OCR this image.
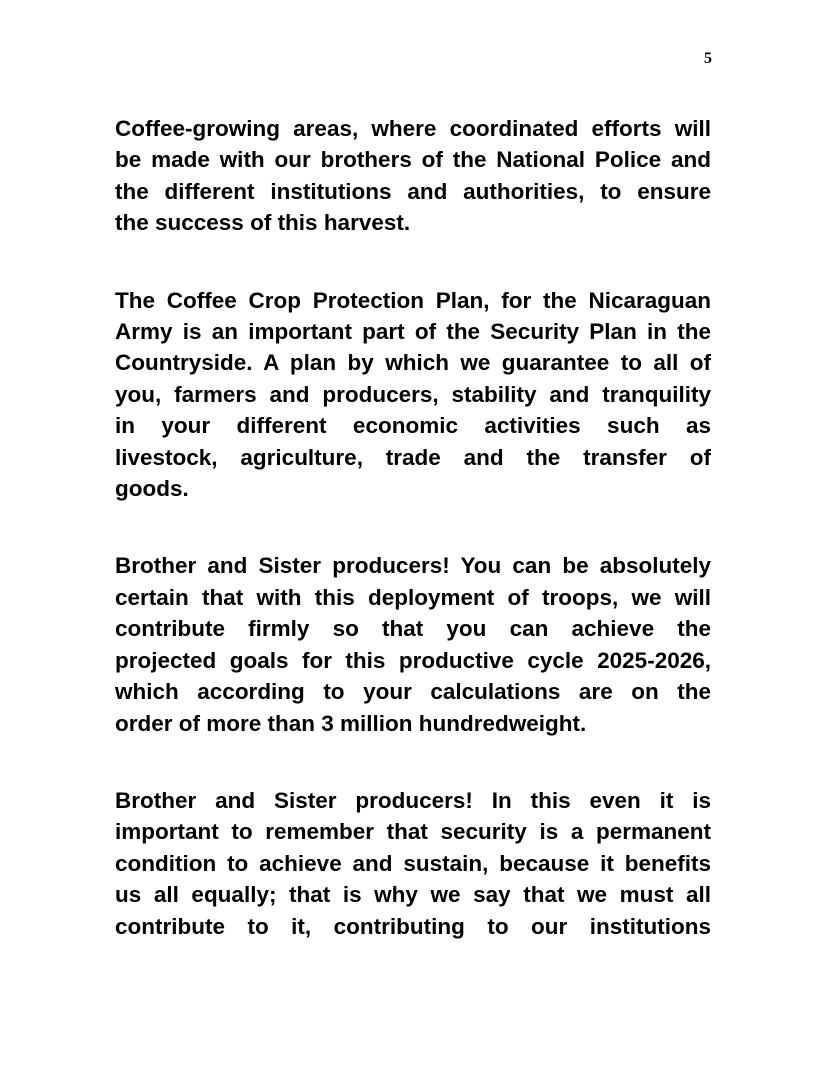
5
Coffee-growing areas, where coordinated efforts will
be made with our brothers of the National Police and
the different institutions and authorities, to ensure
the success of this harvest.
The Coffee Crop Protection Plan, for the Nicaraguan
Army is an important part of the Security Plan in the
Countryside. A plan by which we guarantee to all of
you, farmers and producers, stability and tranquility
in your different economic activities such as
livestock, agriculture, trade and the transfer of
goods.
Brother and Sister producers! You can be absolutely
certain that with this deployment of troops, we will
contribute firmly so that you can achieve the
projected goals for this productive cycle 2025-2026,
which according to your calculations are on the
order of more than 3 million hundredweight.
Brother and Sister producers! In this even it is
important to remember that security is a permanent
condition to achieve and sustain, because it benefits
us all equally; that is why we say that we must all
contribute to it, contributing to our institutions
